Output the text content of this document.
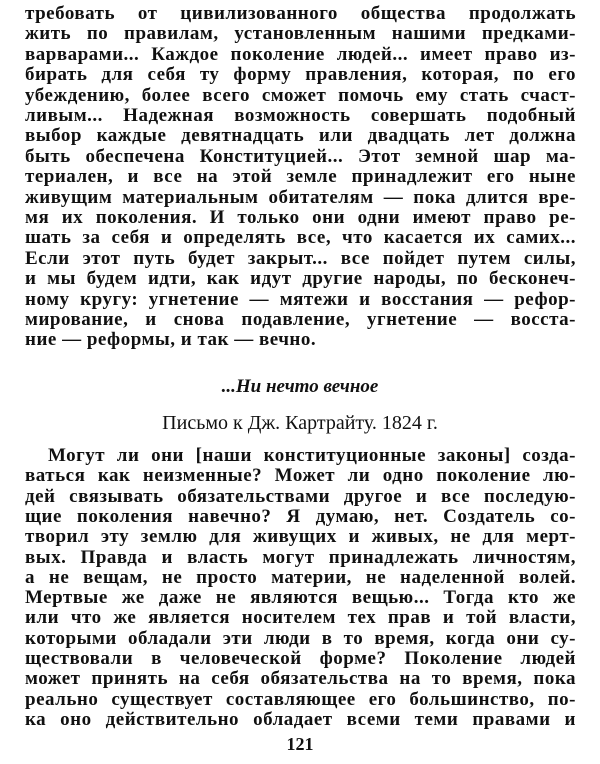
требовать от цивилизованного общества продолжать
жить по правилам, установленным нашими предками-
варварами... Каждое поколение людей... имеет право из-
бирать для себя ту форму правления, которая, по его
убеждению, более всего сможет помочь ему стать счаст-
ливым... Надежная возможность совершать подобный
выбор каждые девятнадцать или двадцать лет должна
быть обеспечена Конституцией... Этот земной шар ма-
териален, и все на этой земле принадлежит его ныне
живущим материальным обитателям — пока длится вре-
мя их поколения. И только они одни имеют право ре-
шать за себя и определять все, что касается их самих...
Если этот путь будет закрыт... все пойдет путем силы,
и мы будем идти, как идут другие народы, по бесконеч-
ному кругу: угнетение — мятежи и восстания — рефор-
мирование, и снова подавление, угнетение — восста-
ние — реформы, и так — вечно.
...Ни нечто вечное
Письмо к Дж. Картрайту. 1824 г.
Могут ли они [наши конституционные законы] созда-
ваться как неизменные? Может ли одно поколение лю-
дей связывать обязательствами другое и все последую-
щие поколения навечно? Я думаю, нет. Создатель со-
творил эту землю для живущих и живых, не для мерт-
вых. Правда и власть могут принадлежать личностям,
а не вещам, не просто материи, не наделенной волей.
Мертвые же даже не являются вещью... Тогда кто же
или что же является носителем тех прав и той власти,
которыми обладали эти люди в то время, когда они су-
ществовали в человеческой форме? Поколение людей
может принять на себя обязательства на то время, пока
реально существует составляющее его большинство, по-
ка оно действительно обладает всеми теми правами и
121
